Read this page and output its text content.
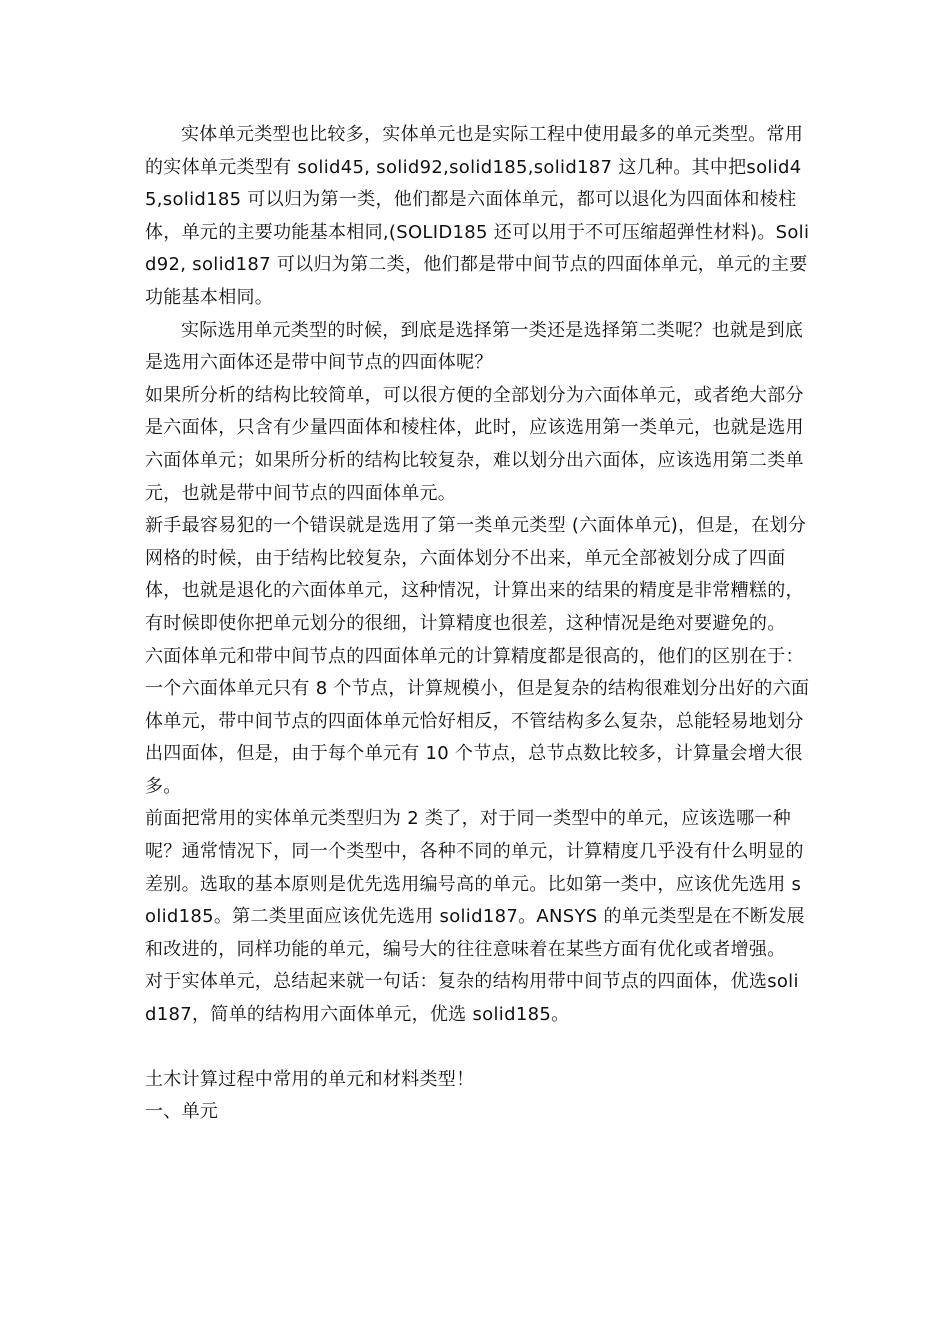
实体单元类型也比较多，实体单元也是实际工程中使用最多的单元类型。常用的实体单元类型有 solid45, solid92,solid185,solid187 这几种。其中把solid45,solid185 可以归为第一类，他们都是六面体单元，都可以退化为四面体和棱柱体，单元的主要功能基本相同,(SOLID185 还可以用于不可压缩超弹性材料)。Solid92, solid187 可以归为第二类，他们都是带中间节点的四面体单元，单元的主要功能基本相同。

实际选用单元类型的时候，到底是选择第一类还是选择第二类呢？也就是到底是选用六面体还是带中间节点的四面体呢？

如果所分析的结构比较简单，可以很方便的全部划分为六面体单元，或者绝大部分是六面体，只含有少量四面体和棱柱体，此时，应该选用第一类单元，也就是选用六面体单元；如果所分析的结构比较复杂，难以划分出六面体，应该选用第二类单元，也就是带中间节点的四面体单元。

新手最容易犯的一个错误就是选用了第一类单元类型 (六面体单元)，但是，在划分网格的时候，由于结构比较复杂，六面体划分不出来，单元全部被划分成了四面体，也就是退化的六面体单元，这种情况，计算出来的结果的精度是非常糟糕的，有时候即使你把单元划分的很细，计算精度也很差，这种情况是绝对要避免的。

六面体单元和带中间节点的四面体单元的计算精度都是很高的，他们的区别在于：一个六面体单元只有 8 个节点，计算规模小，但是复杂的结构很难划分出好的六面体单元，带中间节点的四面体单元恰好相反，不管结构多么复杂，总能轻易地划分出四面体，但是，由于每个单元有 10 个节点，总节点数比较多，计算量会增大很多。

前面把常用的实体单元类型归为 2 类了，对于同一类型中的单元，应该选哪一种呢？通常情况下，同一个类型中，各种不同的单元，计算精度几乎没有什么明显的差别。选取的基本原则是优先选用编号高的单元。比如第一类中，应该优先选用 solid185。第二类里面应该优先选用 solid187。ANSYS 的单元类型是在不断发展和改进的，同样功能的单元，编号大的往往意味着在某些方面有优化或者增强。

对于实体单元，总结起来就一句话：复杂的结构用带中间节点的四面体，优选solid187，简单的结构用六面体单元，优选 solid185。

土木计算过程中常用的单元和材料类型！

一、单元
